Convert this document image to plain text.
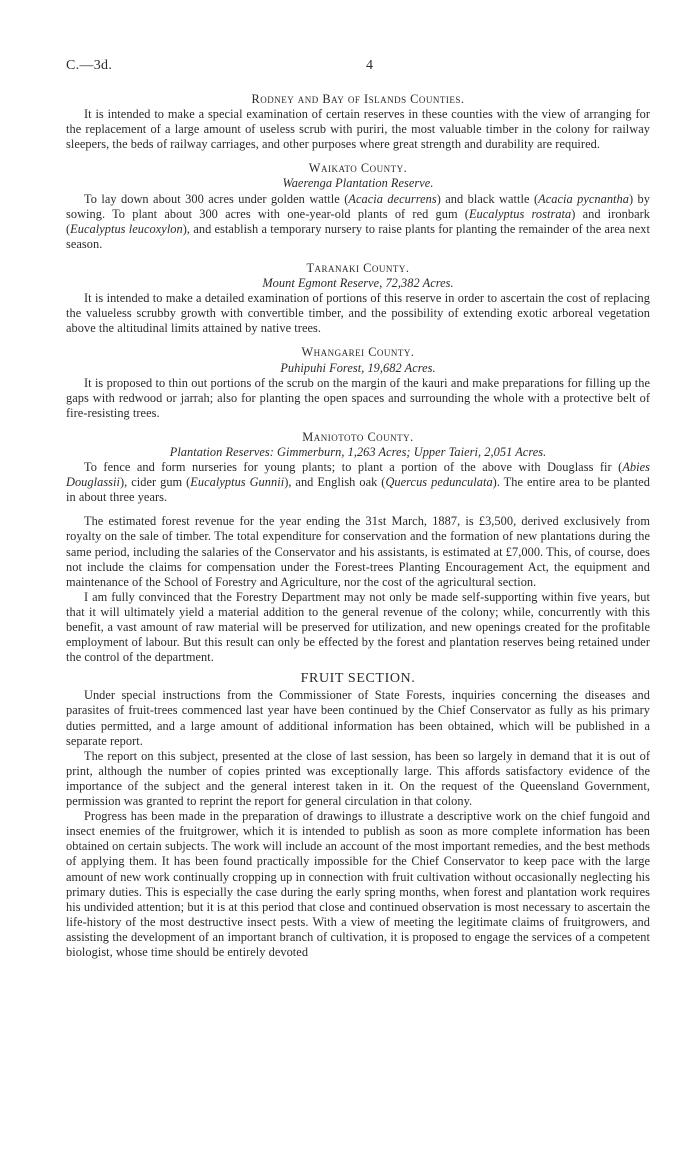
C.—3d.	4
Rodney and Bay of Islands Counties.

It is intended to make a special examination of certain reserves in these counties with the view of arranging for the replacement of a large amount of useless scrub with puriri, the most valuable timber in the colony for railway sleepers, the beds of railway carriages, and other purposes where great strength and durability are required.

Waikato County.
Waerenga Plantation Reserve.

To lay down about 300 acres under golden wattle (Acacia decurrens) and black wattle (Acacia pycnantha) by sowing. To plant about 300 acres with one-year-old plants of red gum (Eucalyptus rostrata) and ironbark (Eucalyptus leucoxylon), and establish a temporary nursery to raise plants for planting the remainder of the area next season.

Taranaki County.
Mount Egmont Reserve, 72,382 Acres.

It is intended to make a detailed examination of portions of this reserve in order to ascertain the cost of replacing the valueless scrubby growth with convertible timber, and the possibility of extending exotic arboreal vegetation above the altitudinal limits attained by native trees.

Whangarei County.
Puhipuhi Forest, 19,682 Acres.

It is proposed to thin out portions of the scrub on the margin of the kauri and make preparations for filling up the gaps with redwood or jarrah; also for planting the open spaces and surrounding the whole with a protective belt of fire-resisting trees.

Maniototo County.
Plantation Reserves: Gimmerburn, 1,263 Acres; Upper Taieri, 2,051 Acres.

To fence and form nurseries for young plants; to plant a portion of the above with Douglass fir (Abies Douglassii), cider gum (Eucalyptus Gunnii), and English oak (Quercus pedunculata). The entire area to be planted in about three years.

The estimated forest revenue for the year ending the 31st March, 1887, is £3,500, derived exclusively from royalty on the sale of timber. The total expenditure for conservation and the formation of new plantations during the same period, including the salaries of the Conservator and his assistants, is estimated at £7,000. This, of course, does not include the claims for compensation under the Forest-trees Planting Encouragement Act, the equipment and maintenance of the School of Forestry and Agriculture, nor the cost of the agricultural section.

I am fully convinced that the Forestry Department may not only be made self-supporting within five years, but that it will ultimately yield a material addition to the general revenue of the colony; while, concurrently with this benefit, a vast amount of raw material will be preserved for utilization, and new openings created for the profitable employment of labour. But this result can only be effected by the forest and plantation reserves being retained under the control of the department.

FRUIT SECTION.

Under special instructions from the Commissioner of State Forests, inquiries concerning the diseases and parasites of fruit-trees commenced last year have been continued by the Chief Conservator as fully as his primary duties permitted, and a large amount of additional information has been obtained, which will be published in a separate report.

The report on this subject, presented at the close of last session, has been so largely in demand that it is out of print, although the number of copies printed was exceptionally large. This affords satisfactory evidence of the importance of the subject and the general interest taken in it. On the request of the Queensland Government, permission was granted to reprint the report for general circulation in that colony.

Progress has been made in the preparation of drawings to illustrate a descriptive work on the chief fungoid and insect enemies of the fruitgrower, which it is intended to publish as soon as more complete information has been obtained on certain subjects. The work will include an account of the most important remedies, and the best methods of applying them. It has been found practically impossible for the Chief Conservator to keep pace with the large amount of new work continually cropping up in connection with fruit cultivation without occasionally neglecting his primary duties. This is especially the case during the early spring months, when forest and plantation work requires his undivided attention; but it is at this period that close and continued observation is most necessary to ascertain the life-history of the most destructive insect pests. With a view of meeting the legitimate claims of fruitgrowers, and assisting the development of an important branch of cultivation, it is proposed to engage the services of a competent biologist, whose time should be entirely devoted
